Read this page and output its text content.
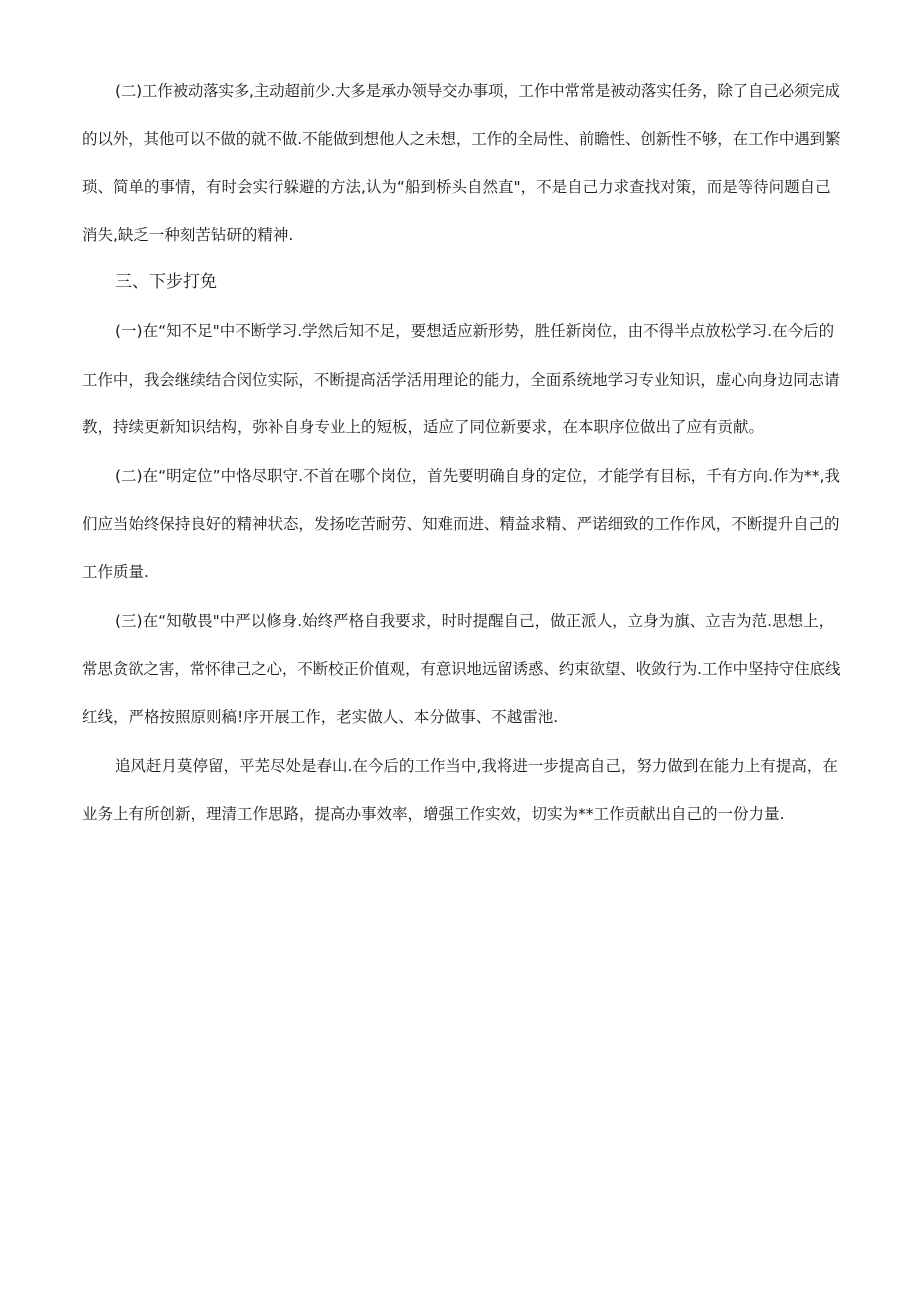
(二)工作被动落实多,主动超前少.大多是承办领导交办事项，工作中常常是被动落实任务，除了自己必须完成
的以外，其他可以不做的就不做.不能做到想他人之未想，工作的全局性、前瞻性、创新性不够，在工作中遇到繁
琐、简单的事情，有时会实行躲避的方法,认为“船到桥头自然直"，不是自己力求查找对策，而是等待问题自己
消失,缺乏一种刻苦钻研的精神.
三、下步打免
(一)在“知不足"中不断学习.学然后知不足，要想适应新形势，胜任新岗位，由不得半点放松学习.在今后的
工作中，我会继续结合闵位实际，不断提高活学活用理论的能力，全面系统地学习专业知识，虚心向身边同志请
教，持续更新知识结构，弥补自身专业上的短板，适应了同位新要求，在本职序位做出了应有贡献。
(二)在“明定位”中恪尽职守.不首在哪个岗位，首先要明确自身的定位，才能学有目标，千有方向.作为**,我
们应当始终保持良好的精神状态，发扬吃苦耐劳、知难而进、精益求精、严诺细致的工作作风，不断提升自己的
工作质量.
(三)在“知敬畏"中严以修身.始终严格自我要求，时时提醒自己，做正派人，立身为旗、立吉为范.思想上，
常思贪欲之害，常怀律己之心，不断校正价值观，有意识地远留诱惑、约束欲望、收敛行为.工作中坚持守住底线
红线，严格按照原则稿!序开展工作，老实做人、本分做事、不越雷池.
追风赶月莫停留，平芜尽处是春山.在今后的工作当中,我将进一步提高自己，努力做到在能力上有提高，在
业务上有所创新，理清工作思路，提高办事效率，增强工作实效，切实为**工作贡献出自己的一份力量.
